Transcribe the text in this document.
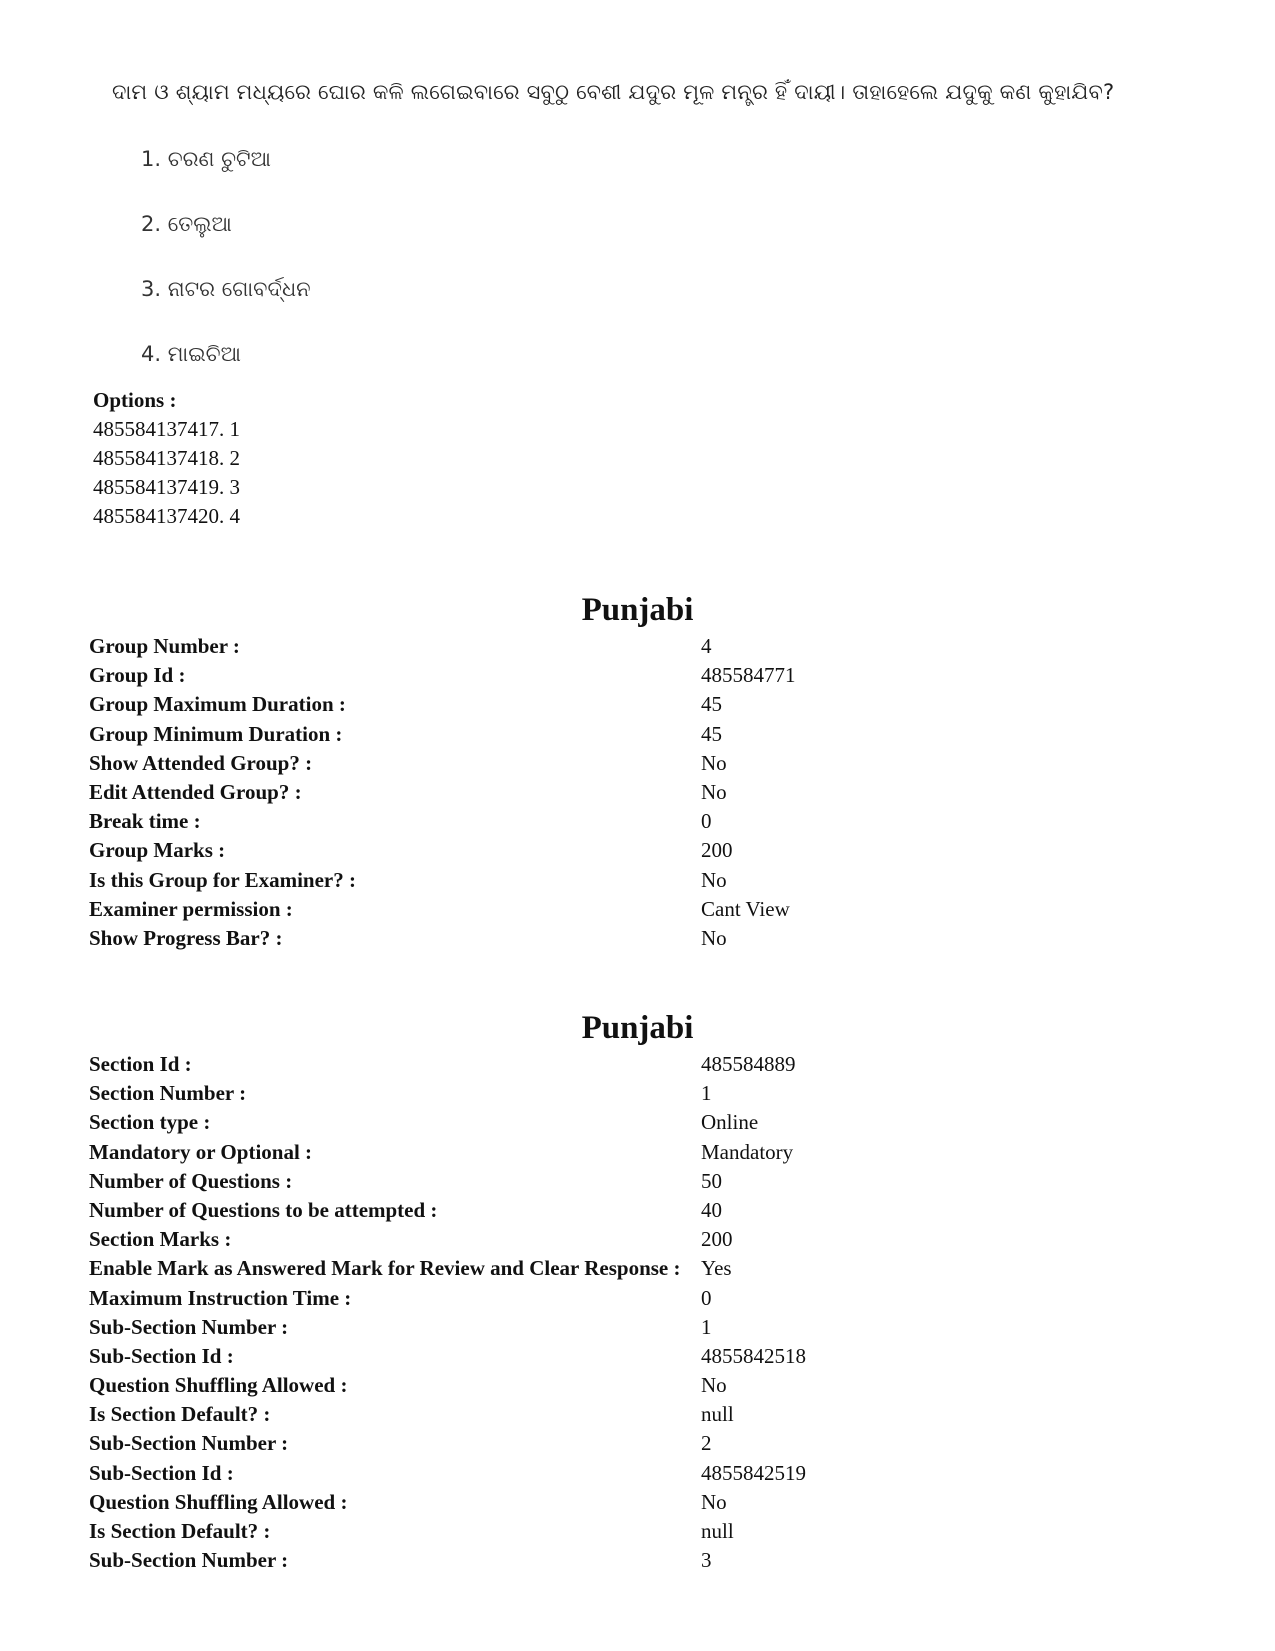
ଦାମ ଓ ଶ୍ୟାମ ମଧ୍ୟରେ ଘୋର କଳି ଲଗେଇବାରେ ସବୁଠୁ ବେଶୀ ଯଦୁର ମୂଳ ମନ୍ତ୍ର ହିଁ ଦାୟୀ। ତାହାହେଲେ ଯଦୁକୁ କଣ କୁହାଯିବ?
1. ଚରଣ ଚୁଟିଆ
2. ତେଲୁଆ
3. ନାଟର ଗୋବର୍ଦ୍ଧନ
4. ମାଇଚିଆ
Options :
485584137417. 1
485584137418. 2
485584137419. 3
485584137420. 4
Punjabi
Group Number :	4
Group Id :	485584771
Group Maximum Duration :	45
Group Minimum Duration :	45
Show Attended Group? :	No
Edit Attended Group? :	No
Break time :	0
Group Marks :	200
Is this Group for Examiner? :	No
Examiner permission :	Cant View
Show Progress Bar? :	No
Punjabi
Section Id :	485584889
Section Number :	1
Section type :	Online
Mandatory or Optional :	Mandatory
Number of Questions :	50
Number of Questions to be attempted :	40
Section Marks :	200
Enable Mark as Answered Mark for Review and Clear Response : Yes
Maximum Instruction Time :	0
Sub-Section Number :	1
Sub-Section Id :	4855842518
Question Shuffling Allowed :	No
Is Section Default? :	null
Sub-Section Number :	2
Sub-Section Id :	4855842519
Question Shuffling Allowed :	No
Is Section Default? :	null
Sub-Section Number :	3
